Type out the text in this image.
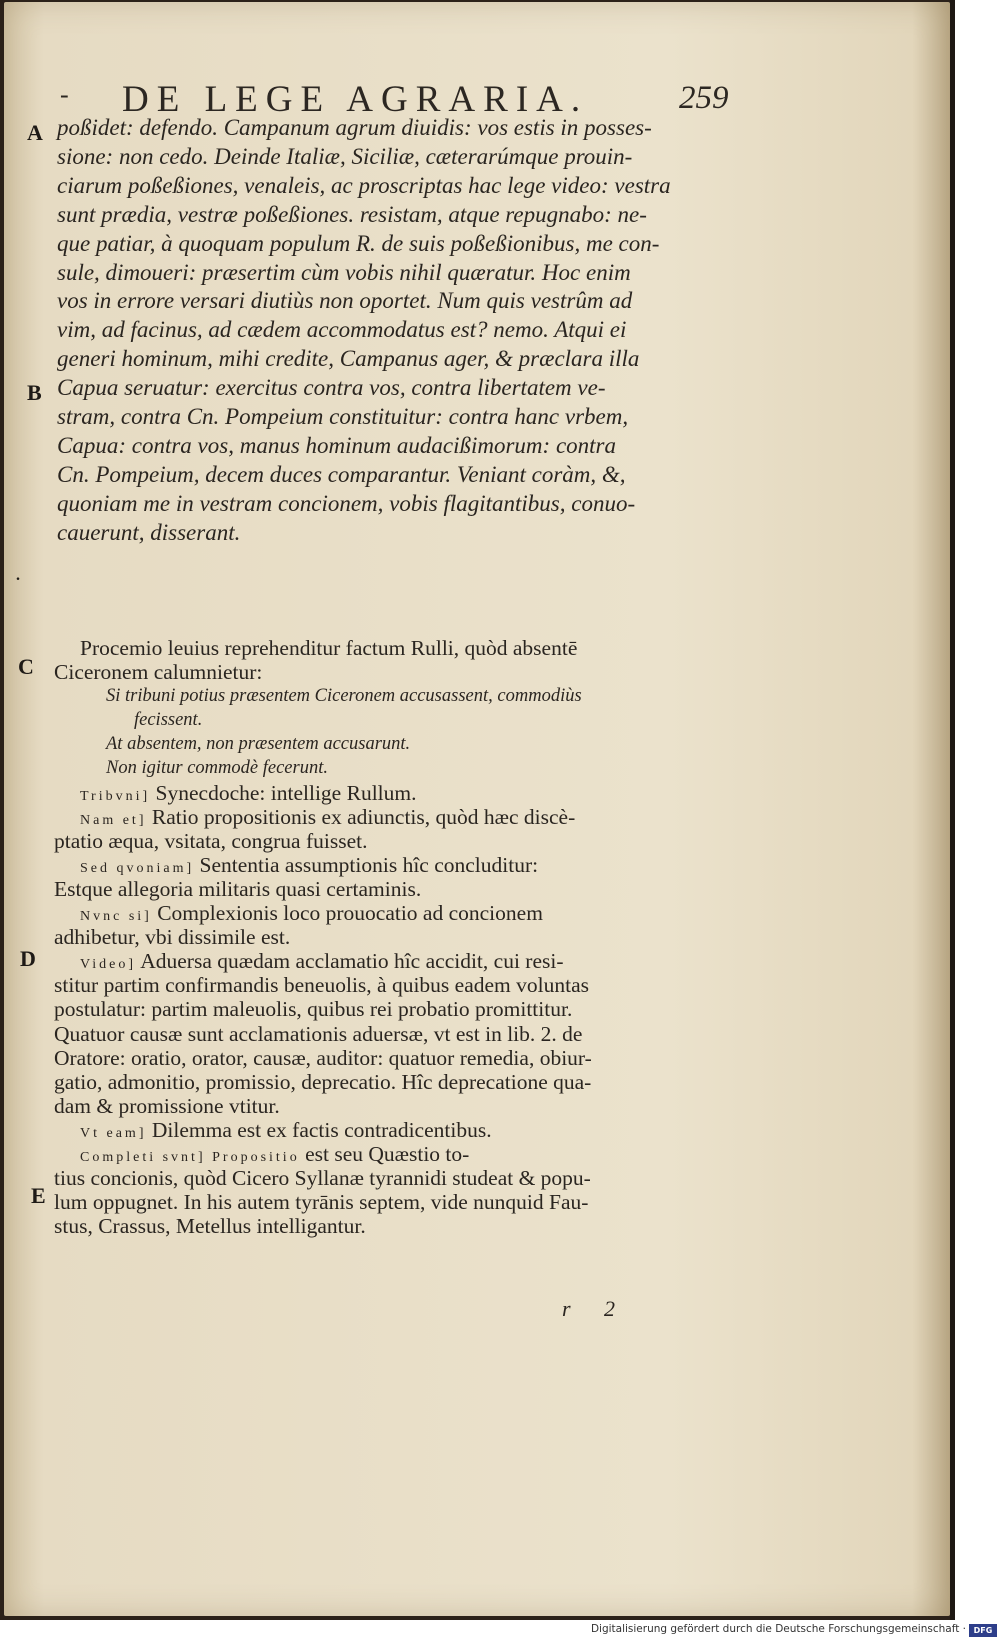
- DE LEGE AGRARIA.	259
A
B
.
C
D
E
poßidet: defendo. Campanum agrum diuidis: vos estis in posses-
sione: non cedo. Deinde Italiæ, Siciliæ, cæterarúmque prouin-
ciarum poßeßiones, venaleis, ac proscriptas hac lege video: vestra
sunt prædia, vestræ poßeßiones. resistam, atque repugnabo: ne-
que patiar, à quoquam populum R. de suis poßeßionibus, me con-
sule, dimoueri: præsertim cùm vobis nihil quæratur. Hoc enim
vos in errore versari diutiùs non oportet. Num quis vestrûm ad
vim, ad facinus, ad cædem accommodatus est? nemo. Atqui ei
generi hominum, mihi credite, Campanus ager, & præclara illa
Capua seruatur: exercitus contra vos, contra libertatem ve-
stram, contra Cn. Pompeium constituitur: contra hanc vrbem,
Capua: contra vos, manus hominum audacißimorum: contra
Cn. Pompeium, decem duces comparantur. Veniant coràm, &,
quoniam me in vestram concionem, vobis flagitantibus, conuo-
cauerunt, disserant.
Procemio leuius reprehenditur factum Rulli, quòd absentē
Ciceronem calumnietur:
Si tribuni potius præsentem Ciceronem accusassent, commodiùs
fecissent.
At absentem, non præsentem accusarunt.
Non igitur commodè fecerunt.
Tribvni] Synecdoche: intellige Rullum.
Nam et] Ratio propositionis ex adiunctis, quòd hæc discè-
ptatio æqua, vsitata, congrua fuisset.
Sed qvoniam] Sententia assumptionis hîc concluditur:
Estque allegoria militaris quasi certaminis.
Nvnc si] Complexionis loco prouocatio ad concionem
adhibetur, vbi dissimile est.
Video] Aduersa quædam acclamatio hîc accidit, cui resi-
stitur partim confirmandis beneuolis, à quibus eadem voluntas
postulatur: partim maleuolis, quibus rei probatio promittitur.
Quatuor causæ sunt acclamationis aduersæ, vt est in lib. 2. de
Oratore: oratio, orator, causæ, auditor: quatuor remedia, obiur-
gatio, admonitio, promissio, deprecatio. Hîc deprecatione qua-
dam & promissione vtitur.
Vt eam] Dilemma est ex factis contradicentibus.
Completi svnt] Propositio est seu Quæstio to-
tius concionis, quòd Cicero Syllanæ tyrannidi studeat & popu-
lum oppugnet. In his autem tyrānis septem, vide nunquid Fau-
stus, Crassus, Metellus intelligantur.
r 2
Digitalisierung gefördert durch die Deutsche Forschungsgemeinschaft · DFG
